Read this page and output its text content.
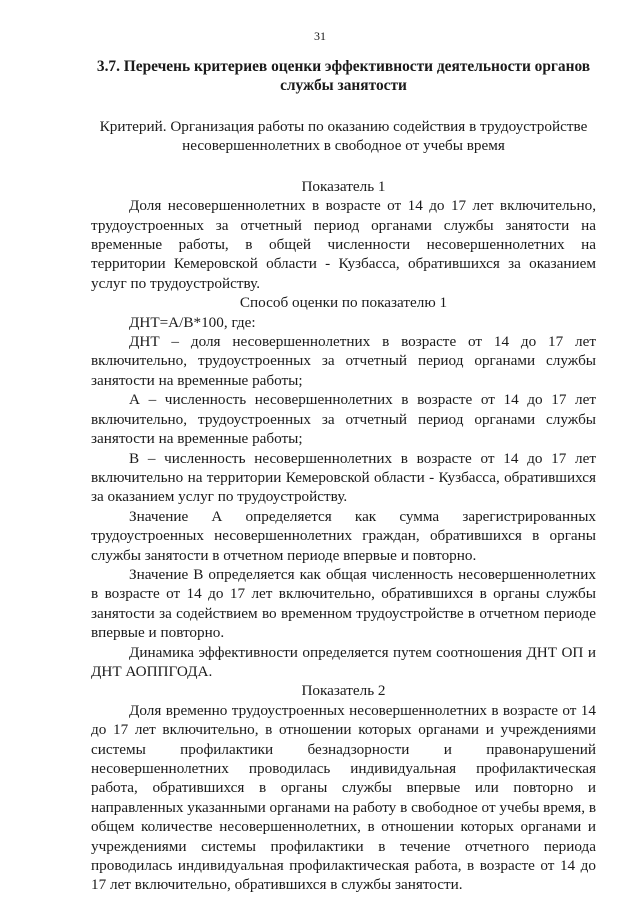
31
3.7. Перечень критериев оценки эффективности деятельности органов службы занятости
Критерий. Организация работы по оказанию содействия в трудоустройстве несовершеннолетних в свободное от учебы время
Показатель 1

Доля несовершеннолетних в возрасте от 14 до 17 лет включительно, трудоустроенных за отчетный период органами службы занятости на временные работы, в общей численности несовершеннолетних на территории Кемеровской области - Кузбасса, обратившихся за оказанием услуг по трудоустройству.

Способ оценки по показателю 1

ДНТ=А/В*100, где:

ДНТ – доля несовершеннолетних в возрасте от 14 до 17 лет включительно, трудоустроенных за отчетный период органами службы занятости на временные работы;

А – численность несовершеннолетних в возрасте от 14 до 17 лет включительно, трудоустроенных за отчетный период органами службы занятости на временные работы;

В – численность несовершеннолетних в возрасте от 14 до 17 лет включительно на территории Кемеровской области - Кузбасса, обратившихся за оказанием услуг по трудоустройству.

Значение А определяется как сумма зарегистрированных трудоустроенных несовершеннолетних граждан, обратившихся в органы службы занятости в отчетном периоде впервые и повторно.

Значение В определяется как общая численность несовершеннолетних в возрасте от 14 до 17 лет включительно, обратившихся в органы службы занятости за содействием во временном трудоустройстве в отчетном периоде впервые и повторно.

Динамика эффективности определяется путем соотношения ДНТ ОП и ДНТ АОППГОДА.

Показатель 2

Доля временно трудоустроенных несовершеннолетних в возрасте от 14 до 17 лет включительно, в отношении которых органами и учреждениями системы профилактики безнадзорности и правонарушений несовершеннолетних проводилась индивидуальная профилактическая работа, обратившихся в органы службы впервые или повторно и направленных указанными органами на работу в свободное от учебы время, в общем количестве несовершеннолетних, в отношении которых органами и учреждениями системы профилактики в течение отчетного периода проводилась индивидуальная профилактическая работа, в возрасте от 14 до 17 лет включительно, обратившихся в службы занятости.
